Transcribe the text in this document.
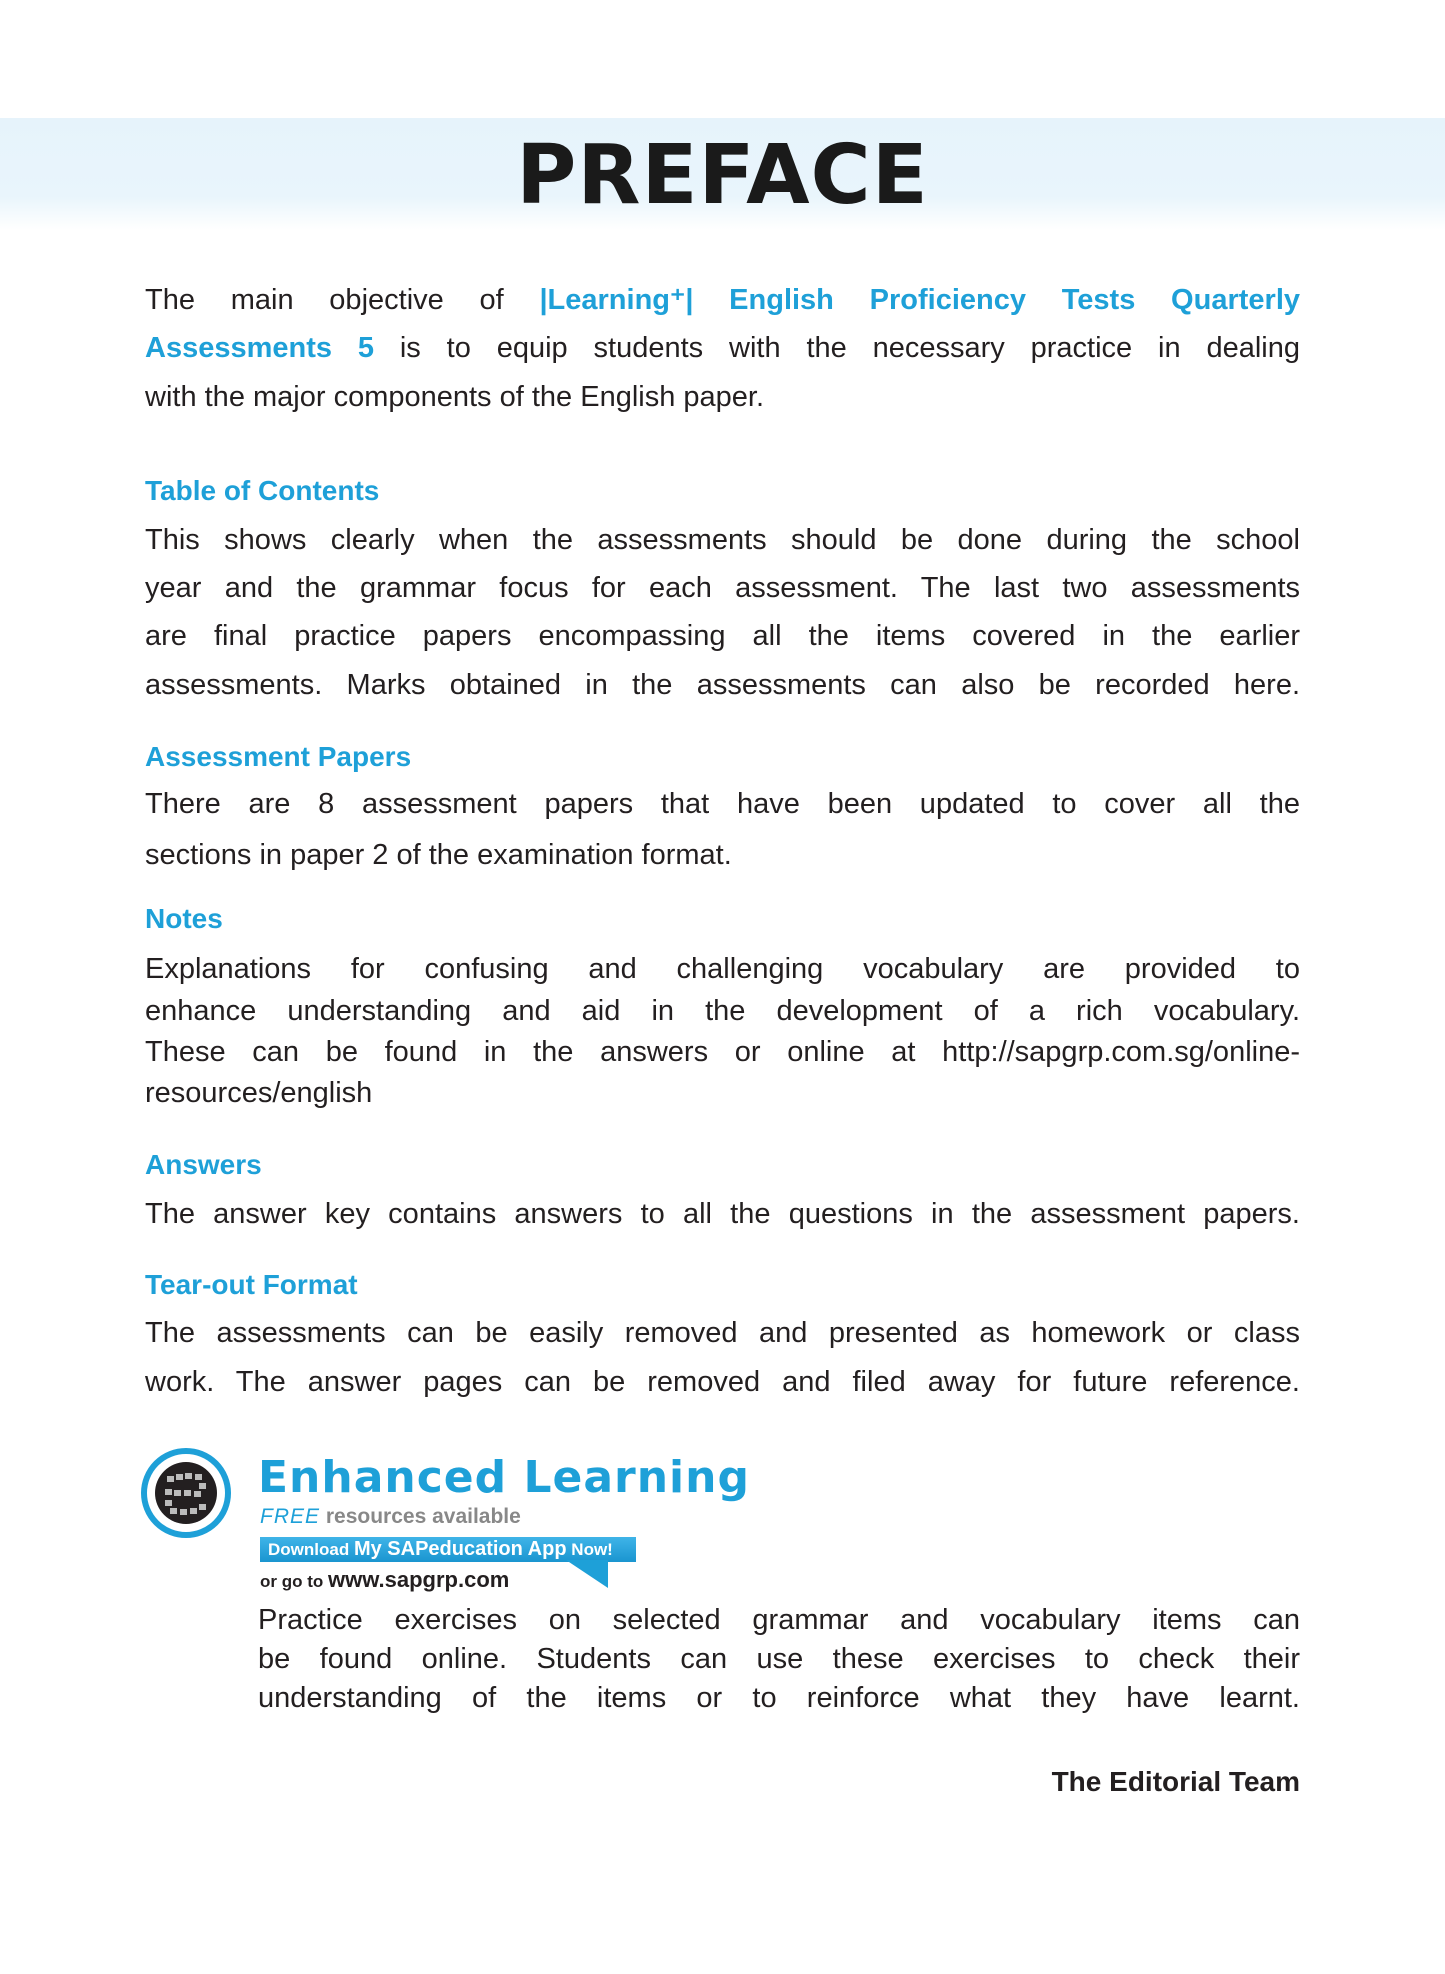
PREFACE
The main objective of |Learning⁺| English Proficiency Tests Quarterly
Assessments 5 is to equip students with the necessary practice in dealing
with the major components of the English paper.
Table of Contents
This shows clearly when the assessments should be done during the school
year and the grammar focus for each assessment. The last two assessments
are final practice papers encompassing all the items covered in the earlier
assessments. Marks obtained in the assessments can also be recorded here.
Assessment Papers
There are 8 assessment papers that have been updated to cover all the
sections in paper 2 of the examination format.
Notes
Explanations for confusing and challenging vocabulary are provided to
enhance understanding and aid in the development of a rich vocabulary.
These can be found in the answers or online at http://sapgrp.com.sg/online-
resources/english
Answers
The answer key contains answers to all the questions in the assessment papers.
Tear-out Format
The assessments can be easily removed and presented as homework or class
work. The answer pages can be removed and filed away for future reference.
Enhanced Learning
FREE resources available
Download My SAPeducation App Now!
or go to www.sapgrp.com
Practice exercises on selected grammar and vocabulary items can
be found online. Students can use these exercises to check their
understanding of the items or to reinforce what they have learnt.
The Editorial Team
